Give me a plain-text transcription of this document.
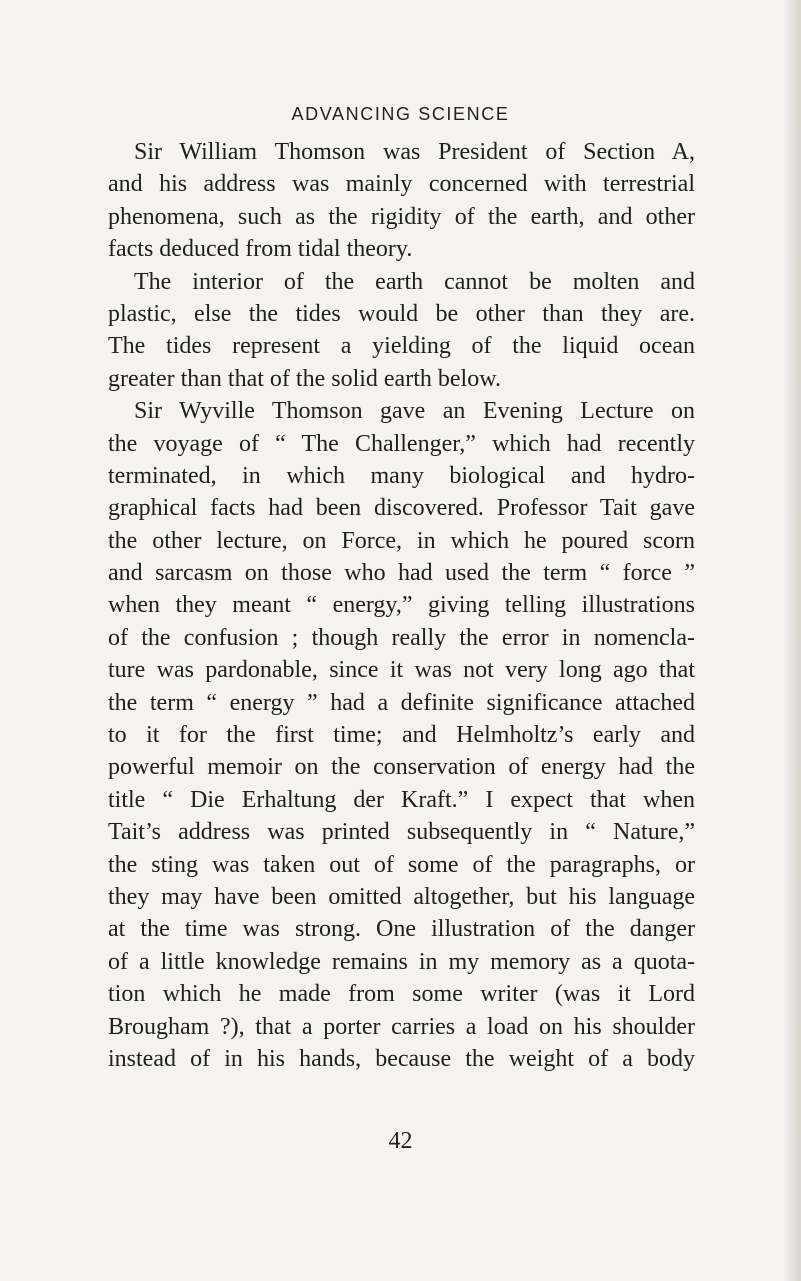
ADVANCING SCIENCE
Sir William Thomson was President of Section A,
and his address was mainly concerned with terrestrial
phenomena, such as the rigidity of the earth, and other
facts deduced from tidal theory.
The interior of the earth cannot be molten and
plastic, else the tides would be other than they are.
The tides represent a yielding of the liquid ocean
greater than that of the solid earth below.
Sir Wyville Thomson gave an Evening Lecture on
the voyage of “ The Challenger,” which had recently
terminated, in which many biological and hydro-
graphical facts had been discovered. Professor Tait gave
the other lecture, on Force, in which he poured scorn
and sarcasm on those who had used the term “ force ”
when they meant “ energy,” giving telling illustrations
of the confusion ; though really the error in nomencla-
ture was pardonable, since it was not very long ago that
the term “ energy ” had a definite significance attached
to it for the first time; and Helmholtz’s early and
powerful memoir on the conservation of energy had the
title “ Die Erhaltung der Kraft.” I expect that when
Tait’s address was printed subsequently in “ Nature,”
the sting was taken out of some of the paragraphs, or
they may have been omitted altogether, but his language
at the time was strong. One illustration of the danger
of a little knowledge remains in my memory as a quota-
tion which he made from some writer (was it Lord
Brougham ?), that a porter carries a load on his shoulder
instead of in his hands, because the weight of a body
42
